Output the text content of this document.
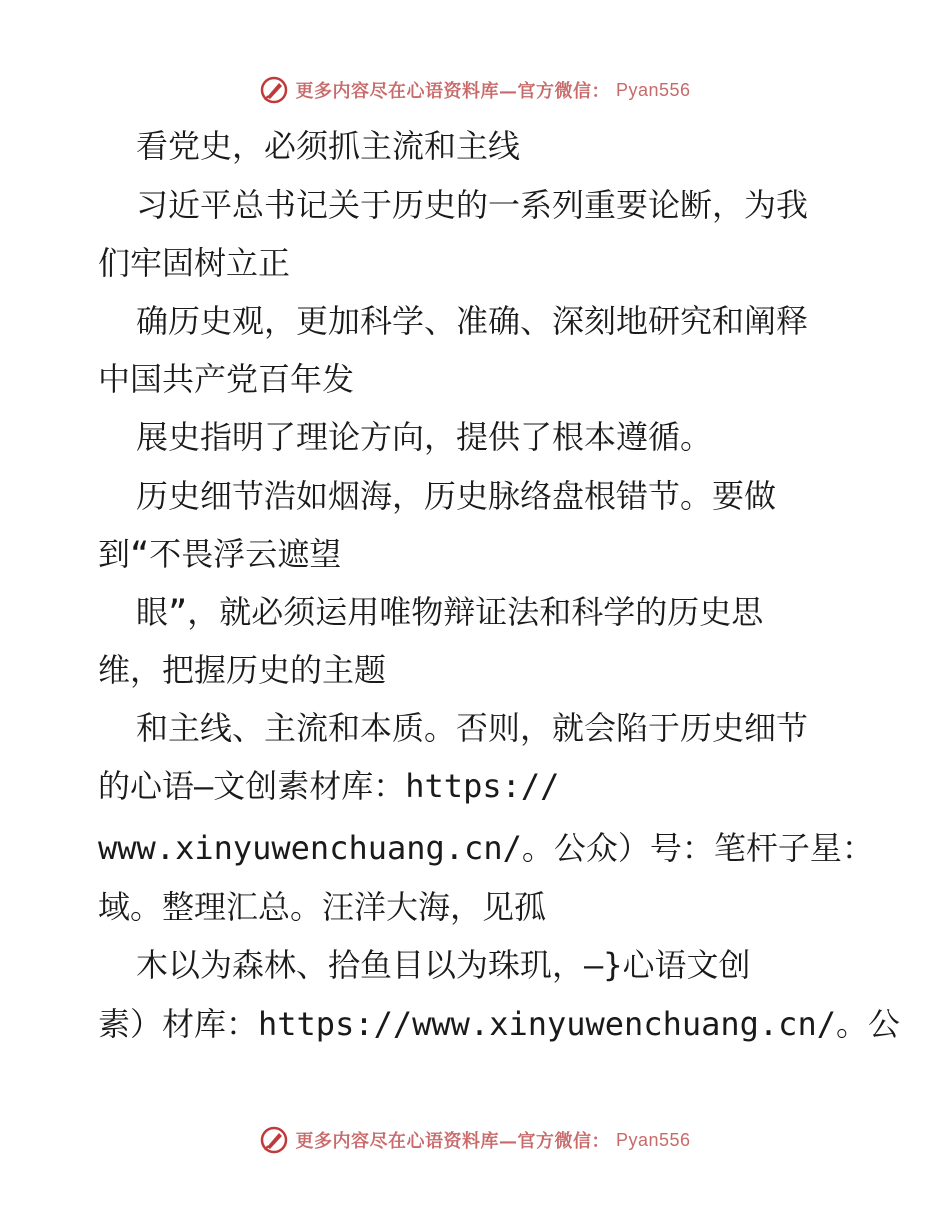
更多内容尽在心语资料库—官方微信： Pyan556
看党史，必须抓主流和主线
习近平总书记关于历史的一系列重要论断，为我
们牢固树立正
确历史观，更加科学、准确、深刻地研究和阐释
中国共产党百年发
展史指明了理论方向，提供了根本遵循。
历史细节浩如烟海，历史脉络盘根错节。要做
到“不畏浮云遮望
眼”，就必须运用唯物辩证法和科学的历史思
维，把握历史的主题
和主线、主流和本质。否则，就会陷于历史细节
的心语—文创素材库：https://
www.xinyuwenchuang.cn/。公众）号：笔杆子星：
域。整理汇总。汪洋大海，见孤
木以为森林、拾鱼目以为珠玑，—}心语文创
素）材库：https://www.xinyuwenchuang.cn/。公
更多内容尽在心语资料库—官方微信： Pyan556
